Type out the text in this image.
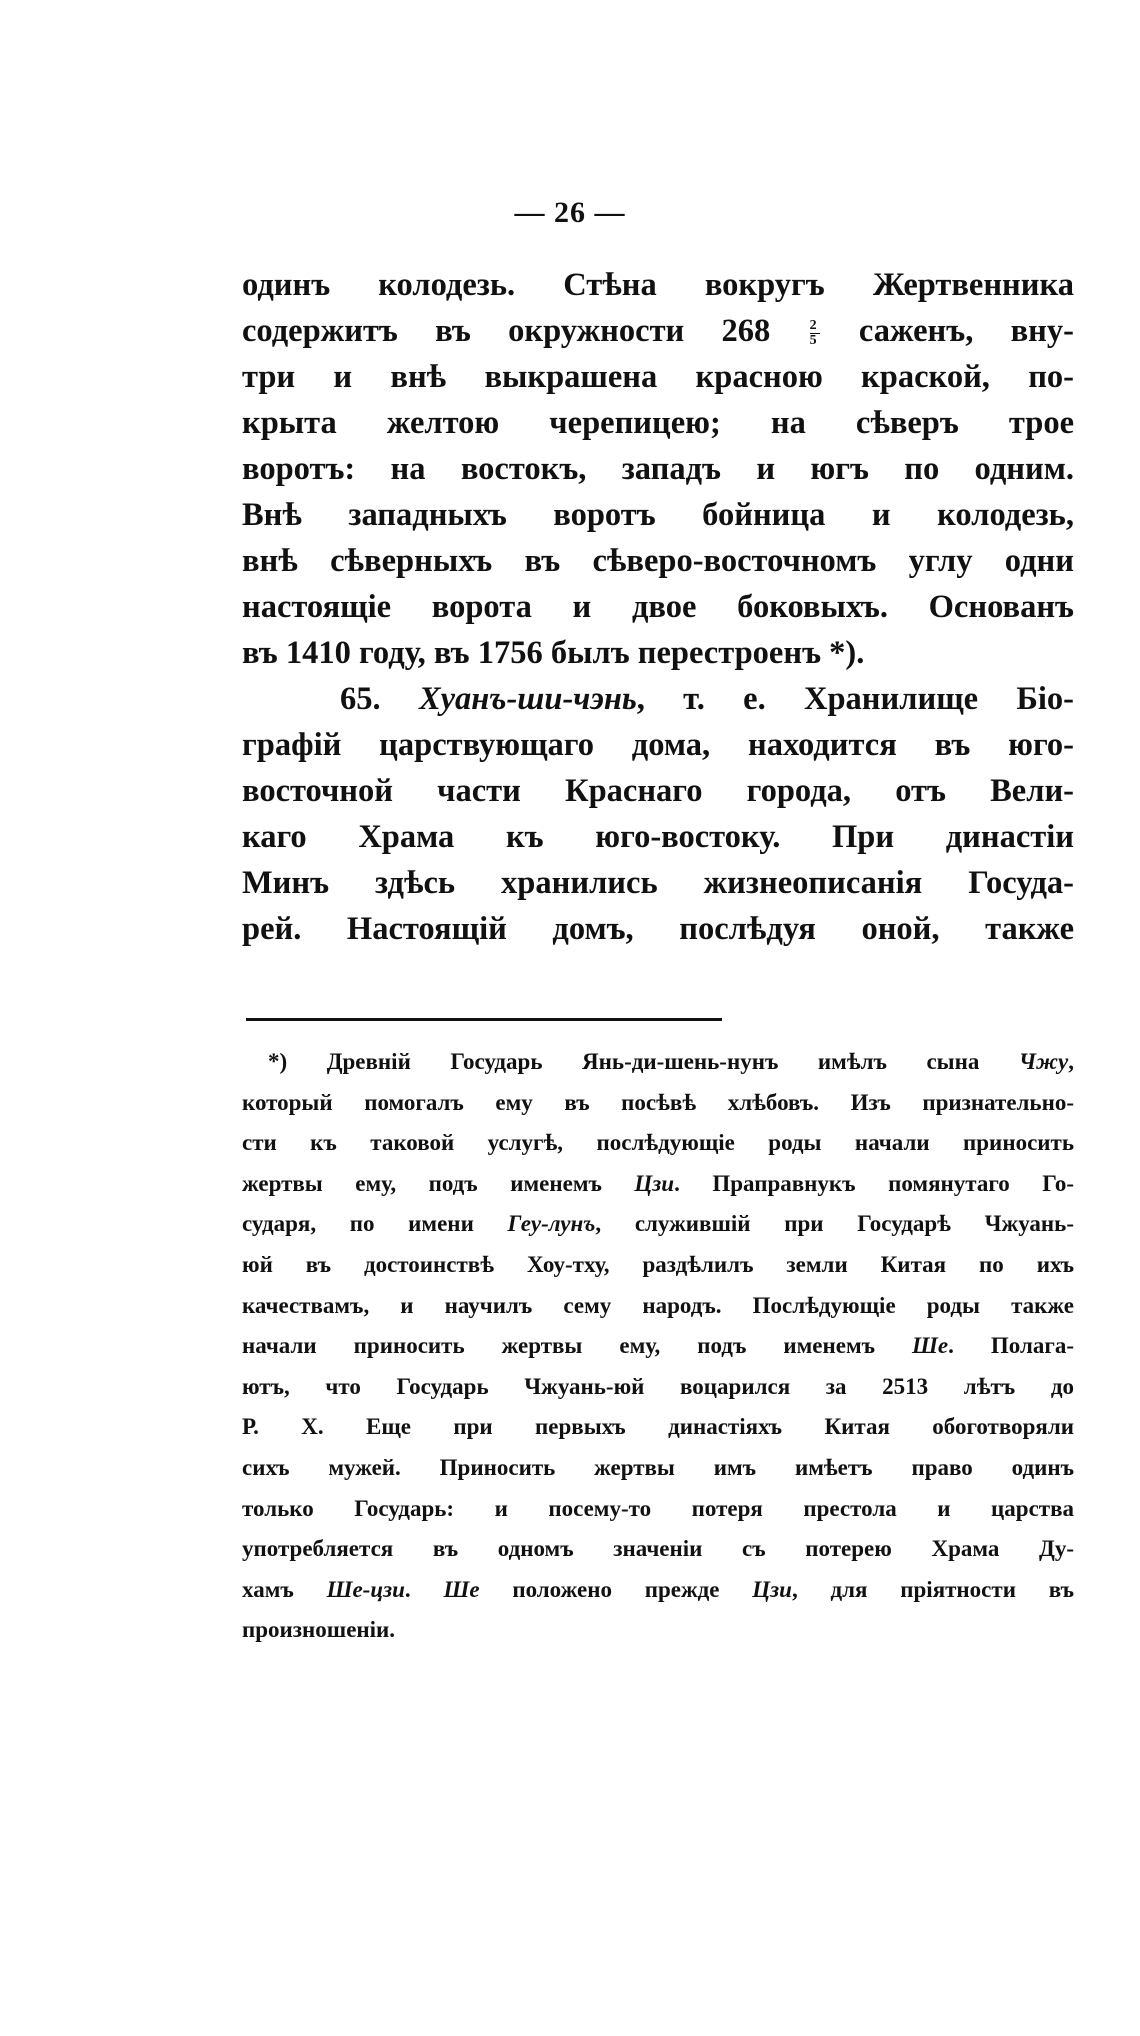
— 26 —
одинъ колодезь. Стѣна вокругъ Жертвенника
содержитъ въ окружности 268	$\frac{2}{5}$ саженъ, вну-
три и внѣ выкрашена красною краской, по-
крыта желтою черепицею; на сѣверъ трое
воротъ: на востокъ, западъ и югъ по одним.
Внѣ западныхъ воротъ бойница и колодезь,
внѣ сѣверныхъ въ сѣверо-восточномъ углу одни
настоящіе ворота и двое боковыхъ. Основанъ
въ 1410 году, въ 1756 былъ перестроенъ *).
65. Хуанъ-ши-чэнь, т. е. Хранилище Біо-
графій царствующаго дома, находится въ юго-
восточной части Краснаго города, отъ Вели-
каго Храма къ юго-востоку. При династіи
Минъ здѣсь хранились жизнеописанія Госуда-
рей. Настоящій домъ, послѣдуя оной, также
*) Древній Государь Янь-ди-шень-нунъ имѣлъ сына Чжу,
который помогалъ ему въ посѣвѣ хлѣбовъ. Изъ признательно-
сти къ таковой услугѣ, послѣдующіе роды начали приносить
жертвы ему, подъ именемъ Цзи. Праправнукъ помянутаго Го-
сударя, по имени Геу-лунъ, служившій при Государѣ Чжуань-
юй въ достоинствѣ Хоу-тху, раздѣлилъ земли Китая по ихъ
качествамъ, и научилъ сему народъ. Послѣдующіе роды также
начали приносить жертвы ему, подъ именемъ Ше. Полага-
ютъ, что Государь Чжуань-юй воцарился за 2513 лѣтъ до
Р. Х. Еще при первыхъ династіяхъ Китая обоготворяли
сихъ мужей. Приносить жертвы имъ имѣетъ право одинъ
только Государь: и посему-то потеря престола и царства
употребляется въ одномъ значеніи съ потерею Храма Ду-
хамъ Ше-цзи. Ше положено прежде Цзи, для пріятности въ
произношеніи.
